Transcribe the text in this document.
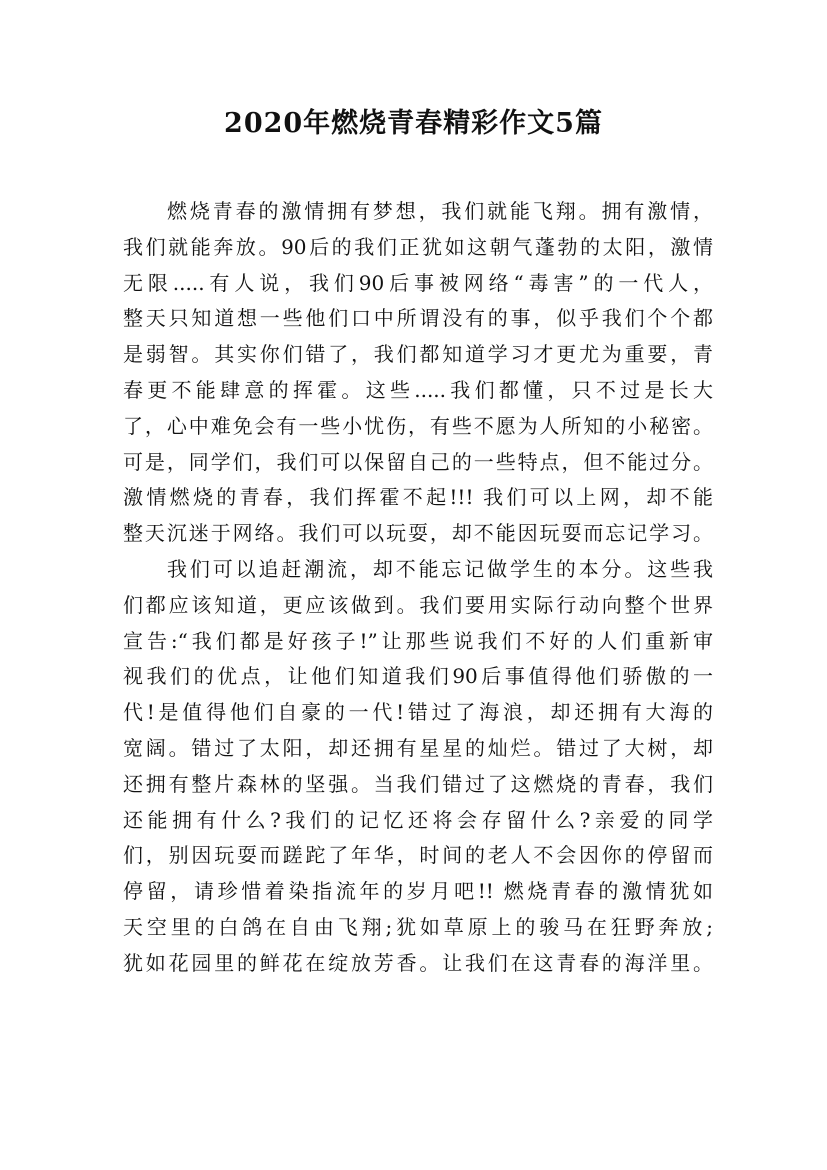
2020年燃烧青春精彩作文5篇
燃烧青春的激情拥有梦想，我们就能飞翔。拥有激情，
我们就能奔放。90后的我们正犹如这朝气蓬勃的太阳，激情
无限.....有人说，我们90后事被网络“毒害”的一代人，
整天只知道想一些他们口中所谓没有的事，似乎我们个个都
是弱智。其实你们错了，我们都知道学习才更尤为重要，青
春更不能肆意的挥霍。这些.....我们都懂，只不过是长大
了，心中难免会有一些小忧伤，有些不愿为人所知的小秘密。
可是，同学们，我们可以保留自己的一些特点，但不能过分。
激情燃烧的青春，我们挥霍不起!!! 我们可以上网，却不能
整天沉迷于网络。我们可以玩耍，却不能因玩耍而忘记学习。
我们可以追赶潮流，却不能忘记做学生的本分。这些我
们都应该知道，更应该做到。我们要用实际行动向整个世界
宣告:“我们都是好孩子!”让那些说我们不好的人们重新审
视我们的优点，让他们知道我们90后事值得他们骄傲的一
代!是值得他们自豪的一代!错过了海浪，却还拥有大海的
宽阔。错过了太阳，却还拥有星星的灿烂。错过了大树，却
还拥有整片森林的坚强。当我们错过了这燃烧的青春，我们
还能拥有什么?我们的记忆还将会存留什么?亲爱的同学
们，别因玩耍而蹉跎了年华，时间的老人不会因你的停留而
停留，请珍惜着染指流年的岁月吧!! 燃烧青春的激情犹如
天空里的白鸽在自由飞翔;犹如草原上的骏马在狂野奔放;
犹如花园里的鲜花在绽放芳香。让我们在这青春的海洋里。
